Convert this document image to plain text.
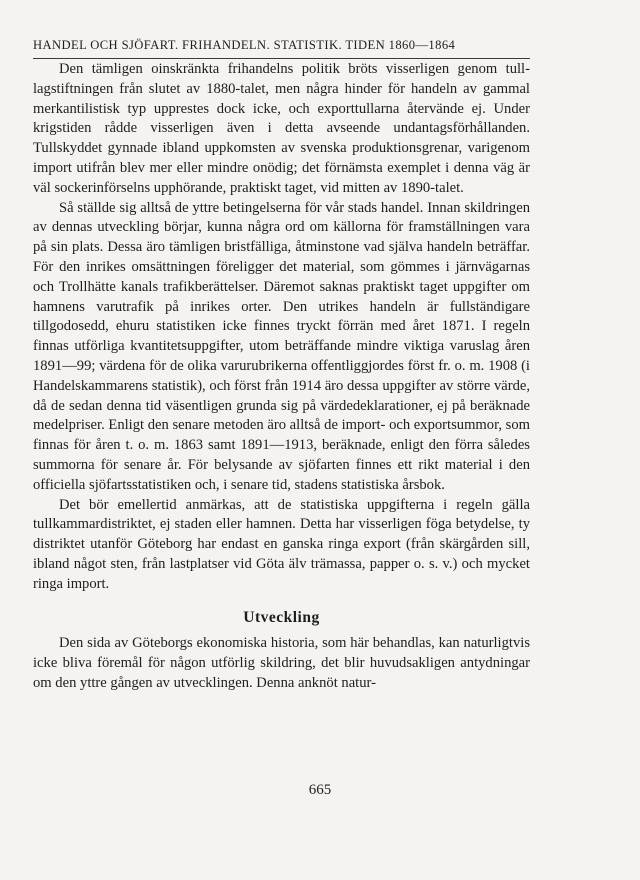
HANDEL OCH SJÖFART. FRIHANDELN. STATISTIK. TIDEN 1860—1864

Den tämligen oinskränkta frihandelns politik bröts visserligen genom tulllagstiftningen från slutet av 1880-talet, men några hinder för handeln av gammal merkantilistisk typ upprestes dock icke, och exporttullarna återvände ej. Under krigstiden rådde visserligen även i detta avseende undantagsförhållanden. Tullskyddet gynnade ibland uppkomsten av svenska produktionsgrenar, varigenom import utifrån blev mer eller mindre onödig; det förnämsta exemplet i denna väg är väl sockerinförselns upphörande, praktiskt taget, vid mitten av 1890-talet.

Så ställde sig alltså de yttre betingelserna för vår stads handel. Innan skildringen av dennas utveckling börjar, kunna några ord om källorna för framställningen vara på sin plats. Dessa äro tämligen bristfälliga, åtminstone vad själva handeln beträffar. För den inrikes omsättningen föreligger det material, som gömmes i järnvägarnas och Trollhätte kanals trafikberättelser. Däremot saknas praktiskt taget uppgifter om hamnens varutrafik på inrikes orter. Den utrikes handeln är fullständigare tillgodosedd, ehuru statistiken icke finnes tryckt förrän med året 1871. I regeln finnas utförliga kvantitetsuppgifter, utom beträffande mindre viktiga varuslag åren 1891—99; värdena för de olika varurubrikerna offentliggjordes först fr. o. m. 1908 (i Handelskammarens statistik), och först från 1914 äro dessa uppgifter av större värde, då de sedan denna tid väsentligen grunda sig på värdedeklarationer, ej på beräknade medelpriser. Enligt den senare metoden äro alltså de import- och exportsummor, som finnas för åren t. o. m. 1863 samt 1891—1913, beräknade, enligt den förra således summorna för senare år. För belysande av sjöfarten finnes ett rikt material i den officiella sjöfartsstatistiken och, i senare tid, stadens statistiska årsbok.

Det bör emellertid anmärkas, att de statistiska uppgifterna i regeln gälla tullkammardistriktet, ej staden eller hamnen. Detta har visserligen föga betydelse, ty distriktet utanför Göteborg har endast en ganska ringa export (från skärgården sill, ibland något sten, från lastplatser vid Göta älv trämassa, papper o. s. v.) och mycket ringa import.

Utveckling

Den sida av Göteborgs ekonomiska historia, som här behandlas, kan naturligtvis icke bliva föremål för någon utförlig skildring, det blir huvudsakligen antydningar om den yttre gången av utvecklingen. Denna anknöt natur-

665
